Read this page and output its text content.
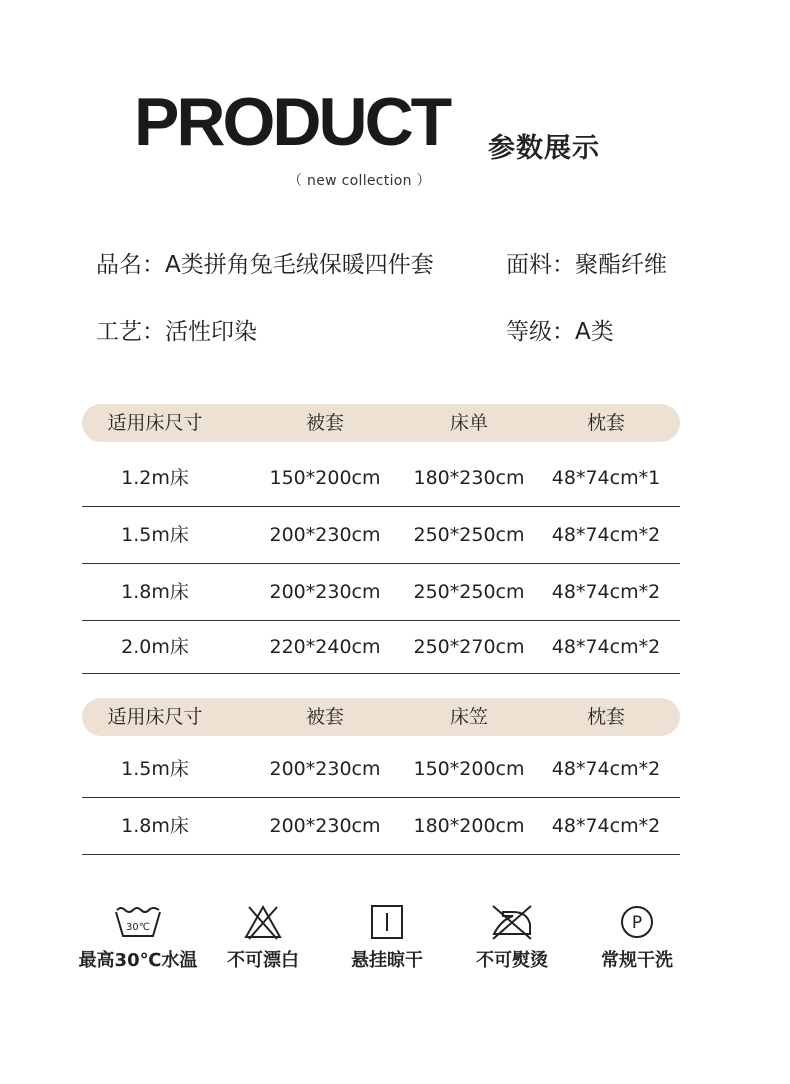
PRODUCT 参数展示
（ new collection ）
品名：A类拼角兔毛绒保暖四件套	面料：聚酯纤维
工艺：活性印染	等级：A类
适用床尺寸	被套	床单	枕套
1.2m床	150*200cm 180*230cm 48*74cm*1
1.5m床	200*230cm 250*250cm 48*74cm*2
1.8m床	200*230cm 250*250cm 48*74cm*2
2.0m床	220*240cm 250*270cm 48*74cm*2
适用床尺寸	被套	床笠	枕套
1.5m床	200*230cm 150*200cm 48*74cm*2
1.8m床	200*230cm 180*200cm 48*74cm*2
30℃
最高30℃水温	不可漂白	悬挂晾干	不可熨烫
P
常规干洗
